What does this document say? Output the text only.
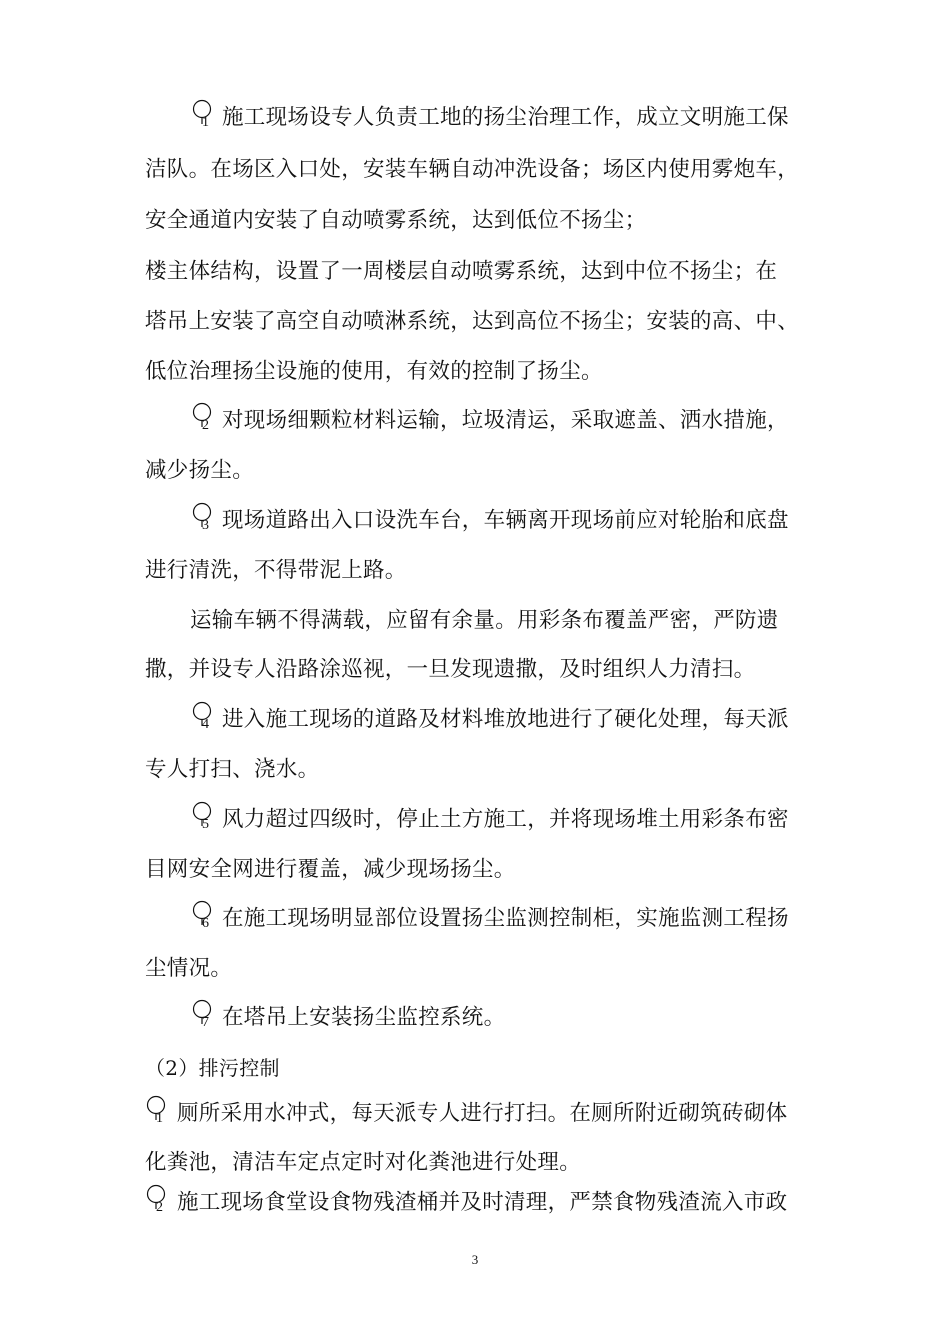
1 施工现场设专人负责工地的扬尘治理工作，成立文明施工保
洁队。在场区入口处，安装车辆自动冲洗设备；场区内使用雾炮车，
安全通道内安装了自动喷雾系统，达到低位不扬尘；
楼主体结构，设置了一周楼层自动喷雾系统，达到中位不扬尘；在
塔吊上安装了高空自动喷淋系统，达到高位不扬尘；安装的高、中、
低位治理扬尘设施的使用，有效的控制了扬尘。
2 对现场细颗粒材料运输，垃圾清运，采取遮盖、洒水措施，
减少扬尘。
3 现场道路出入口设洗车台，车辆离开现场前应对轮胎和底盘
进行清洗，不得带泥上路。
运输车辆不得满载，应留有余量。用彩条布覆盖严密，严防遗
撒，并设专人沿路涂巡视，一旦发现遗撒，及时组织人力清扫。
4 进入施工现场的道路及材料堆放地进行了硬化处理，每天派
专人打扫、浇水。
5 风力超过四级时，停止土方施工，并将现场堆土用彩条布密
目网安全网进行覆盖，减少现场扬尘。
6 在施工现场明显部位设置扬尘监测控制柜，实施监测工程扬
尘情况。
7 在塔吊上安装扬尘监控系统。
（2）排污控制
1 厕所采用水冲式，每天派专人进行打扫。在厕所附近砌筑砖砌体
化粪池，清洁车定点定时对化粪池进行处理。
2 施工现场食堂设食物残渣桶并及时清理，严禁食物残渣流入市政
3
